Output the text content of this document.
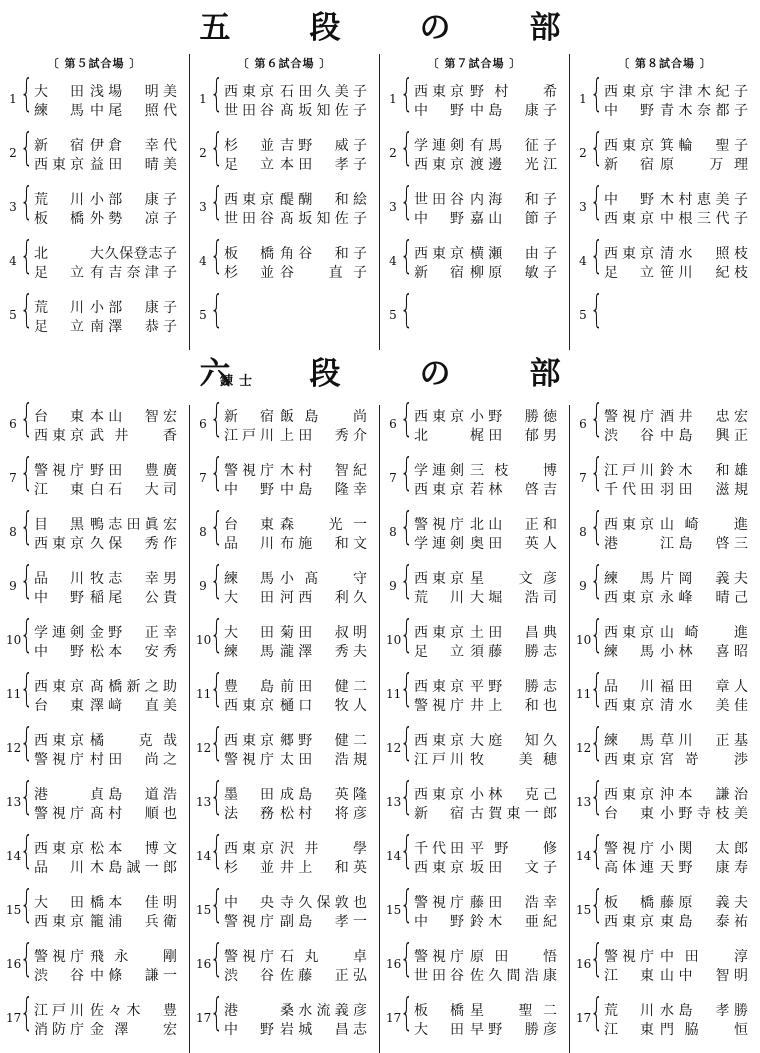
五	段	の	部
〔 第５試合場 〕
1 { 大　田 浅場　明美
練　馬 中尾　照代
2 { 新　宿 伊倉　幸代
西東京 益田　晴美
3 { 荒　川 小部　康子
板　橋 外勢　凉子
4 { 北	大久保登志子
足　立 有吉奈津子
5 { 荒　川 小部　康子
足　立 南澤　恭子
〔 第６試合場 〕
1 { 西東京 石田久美子
世田谷 髙坂知佐子
2 { 杉　並 吉野　威子
足　立 本田　孝子
3 { 西東京 醍醐　和絵
世田谷 髙坂知佐子
4 { 板　橋 角谷　和子
杉　並 谷　直子
5 {
〔 第７試合場 〕
1 { 西東京 野村　希
中　野 中島　康子
2 { 学連剣 有馬　征子
西東京 渡邊　光江
3 { 世田谷 内海　和子
中　野 嘉山　節子
4 { 西東京 横瀬　由子
新　宿 柳原　敏子
5 {
〔 第８試合場 〕
1 { 西東京 宇津木紀子
中　野 青木奈都子
2 { 西東京 箕輪　聖子
新　宿 原　万理
3 { 中　野 木村恵美子
西東京 中根三代子
4 { 西東京 清水　照枝
足　立 笹川　紀枝
5 {
錬士
六	段	の	部
6 { 台　東 本山　智宏
西東京 武井　香
7 { 警視庁 野田　豊廣
江　東 白石　大司
8 { 目　黒 鴨志田眞宏
西東京 久保　秀作
9 { 品　川 牧志　幸男
中　野 稲尾　公貴
10
{ 学連剣 金野　正幸
中　野 松本　安秀
11
{ 西東京 髙橋新之助
台　東 澤﨑　直美
12
{ 西東京 橘　克哉
警視庁 村田　尚之
13
{ 港	貞島　道浩
警視庁 髙村　順也
14
{ 西東京 松本　博文
品　川 木島誠一郎
15
{ 大　田 橋本　佳明
西東京 籠浦　兵衛
16
{ 警視庁 飛永　剛
渋　谷 中條　謙一
17
{ 江戸川 佐々木　豊
消防庁 金澤　宏
6 { 新　宿 飯島　尚
江戸川 上田　秀介
7 { 警視庁 木村　智紀
中　野 中島　隆幸
8 { 台　東 森　光一
品　川 布施　和文
9 { 練　馬 小髙　守
大　田 河西　利久
10
{ 大　田 菊田　叔明
練　馬 瀧澤　秀夫
11
{ 豊　島 前田　健二
西東京 樋口　牧人
12
{ 西東京 郷野　健二
警視庁 太田　浩規
13
{ 墨　田 成島　英隆
法　務 松村　将彦
14
{ 西東京 沢井　學
杉　並 井上　和英
15
{ 中　央 寺久保敦也
警視庁 副島　孝一
16
{ 警視庁 石丸　卓
渋　谷 佐藤　正弘
17
{ 港	桑水流義彦
中　野 岩城　昌志
6 { 西東京 小野　勝徳
北	梶田　郁男
7 { 学連剣 三枝　博
西東京 若林　啓吉
8 { 警視庁 北山　正和
学連剣 奥田　英人
9 { 西東京 星　文彦
荒　川 大堀　浩司
10
{ 西東京 土田　昌典
足　立 須藤　勝志
11
{ 西東京 平野　勝志
警視庁 井上　和也
12
{ 西東京 大庭　知久
江戸川 牧　美穂
13
{ 西東京 小林　克己
新　宿 古賀東一郎
14
{ 千代田 平野　修
西東京 坂田　文子
15
{ 警視庁 藤田　浩幸
中　野 鈴木　亜紀
16
{ 警視庁 原田　悟
世田谷 佐久間浩康
17
{ 板　橋 星　聖二
大　田 早野　勝彦
6 { 警視庁 酒井　忠宏
渋　谷 中島　興正
7 { 江戸川 鈴木　和雄
千代田 羽田　滋規
8 { 西東京 山崎　進
港	江島　啓三
9 { 練　馬 片岡　義夫
西東京 永峰　晴己
10
{ 西東京 山崎　進
練　馬 小林　喜昭
11
{ 品　川 福田　章人
西東京 清水　美佳
12
{ 練　馬 草川　正基
西東京 宮嵜　渉
13
{ 西東京 沖本　謙治
台　東 小野寺枝美
14
{ 警視庁 小関　太郎
高体連 天野　康寿
15
{ 板　橋 藤原　義夫
西東京 東島　泰祐
16
{ 警視庁 中田　淳
江　東 山中　智明
17
{ 荒　川 水島　孝勝
江　東 門脇　恒
